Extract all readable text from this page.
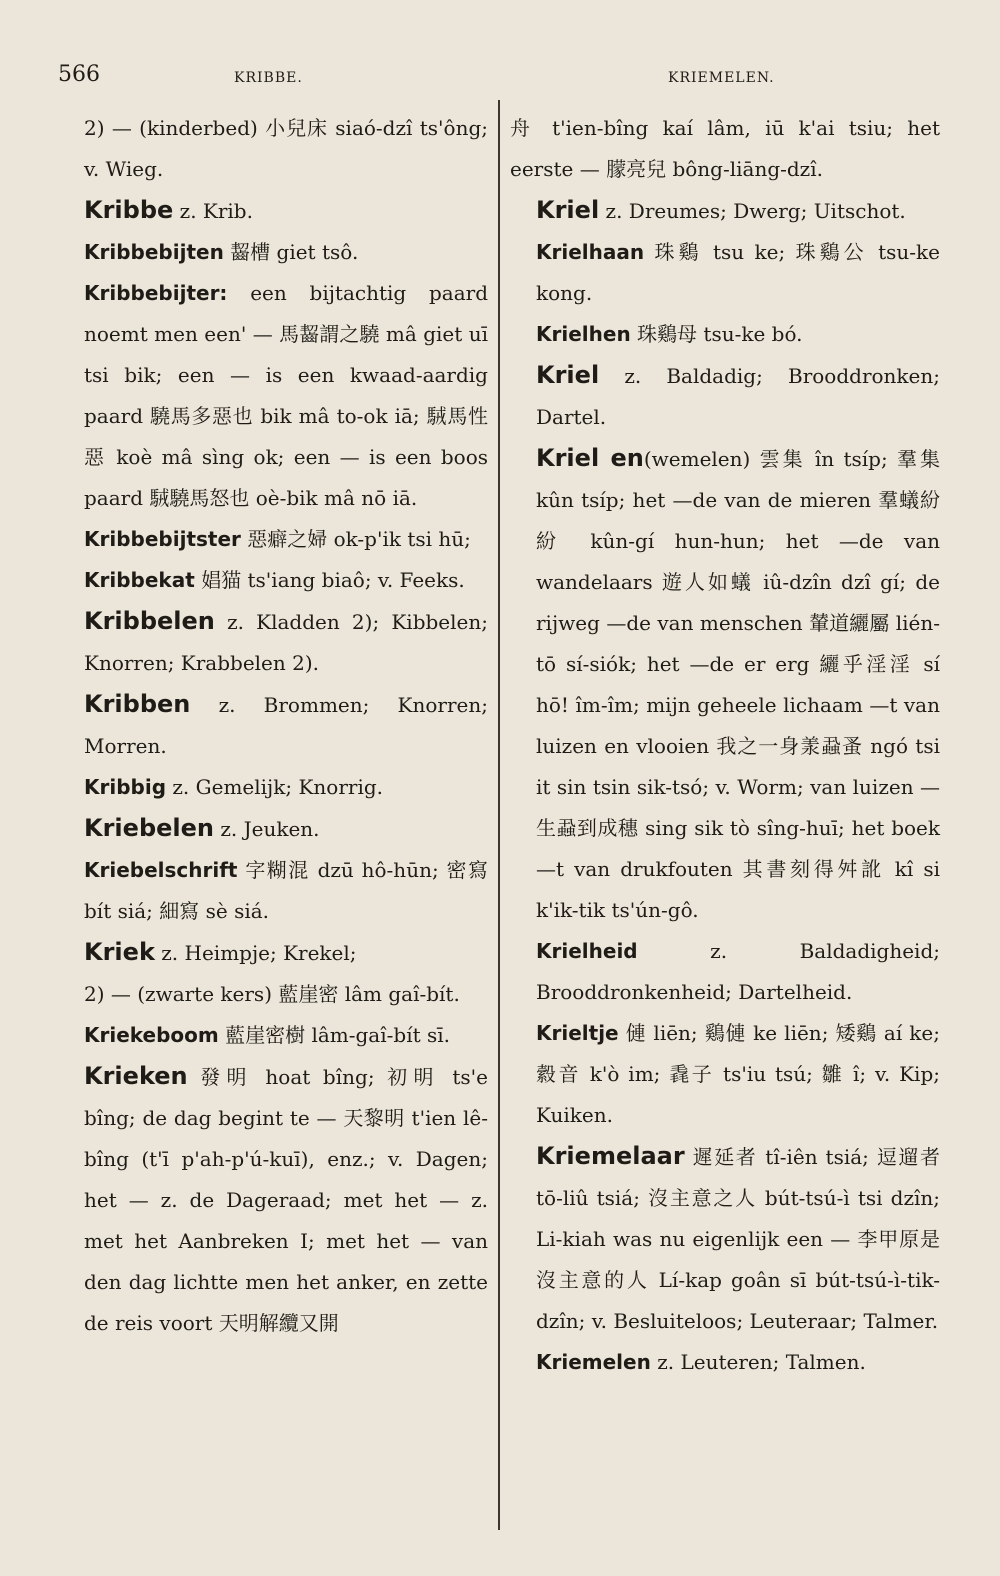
566	KRIBBE.	KRIEMELEN.

2) — (kinderbed) 小兒床 siaó-dzî ts'ông; v. Wieg.

Kribbe z. Krib.

Kribbebijten 齧槽 giet tsô.

Kribbebijter: een bijtachtig paard noemt men een' — 馬齧謂之驍 mâ giet uī tsi bik; een — is een kwaad-aardig paard 驍馬多惡也 bik mâ to-ok iā; 駥馬性惡 koè mâ sìng ok; een — is een boos paard 駥驍馬怒也 oè-bik mâ nō iā.

Kribbebijtster 惡癖之婦 ok-p'ik tsi hū;

Kribbekat 娼猫 ts'iang biaô; v. Feeks.

Kribbelen z. Kladden 2); Kibbelen; Knorren; Krabbelen 2).

Kribben z. Brommen; Knorren; Morren.

Kribbig z. Gemelijk; Knorrig.

Kriebelen z. Jeuken.

Kriebelschrift 字糊混 dzū hô-hūn; 密寫 bít siá; 細寫 sè siá.

Kriek z. Heimpje; Krekel;

2) — (zwarte kers) 藍崖密 lâm gaî-bít.

Kriekeboom 藍崖密樹 lâm-gaî-bít sī.

Krieken 發明 hoat bîng; 初明 ts'e bîng; de dag begint te — 天黎明 t'ien lê-bîng (t'ī p'ah-p'ú-kuī), enz.; v. Dagen; het — z. de Dageraad; met het — z. met het Aanbreken I; met het — van den dag lichtte men het anker, en zette de reis voort 天明解纜又開

舟 t'ien-bîng kaí lâm, iū k'ai tsiu; het eerste — 朦亮兒 bông-liāng-dzî.

Kriel z. Dreumes; Dwerg; Uitschot.

Krielhaan 珠鷄 tsu ke; 珠鷄公 tsu-ke kong.

Krielhen 珠鷄母 tsu-ke bó.

Kriel z. Baldadig; Brooddronken; Dartel.

Kriel en(wemelen) 雲集 în tsíp; 羣集 kûn tsíp; het —de van de mieren 羣蟻紛紛 kûn-gí hun-hun; het —de van wandelaars 遊人如蟻 iû-dzîn dzî gí; de rijweg —de van menschen 輦道纚屬 lién-tō sí-siók; het —de er erg 纚乎淫淫 sí hō! îm-îm; mijn geheele lichaam —t van luizen en vlooien 我之一身羕蝨蚤 ngó tsi it sin tsin sik-tsó; v. Worm; van luizen — 生蝨到成穗 sing sik tò sîng-huī; het boek —t van drukfouten 其書刻得舛訛 kî si k'ik-tik ts'ún-gô.

Krielheid z. Baldadigheid; Brooddronkenheid; Dartelheid.

Krieltje 僆 liēn; 鷄僆 ke liēn; 矮鷄 aí ke; 縠音 k'ò im; 毳子 ts'iu tsú; 雛 î; v. Kip; Kuiken.

Kriemelaar 遲延者 tî-iên tsiá; 逗遛者 tō-liû tsiá; 沒主意之人 bút-tsú-ì tsi dzîn; Li-kiah was nu eigenlijk een — 李甲原是沒主意的人 Lí-kap goân sī bút-tsú-ì-tik-dzîn; v. Besluiteloos; Leuteraar; Talmer.

Kriemelen z. Leuteren; Talmen.
